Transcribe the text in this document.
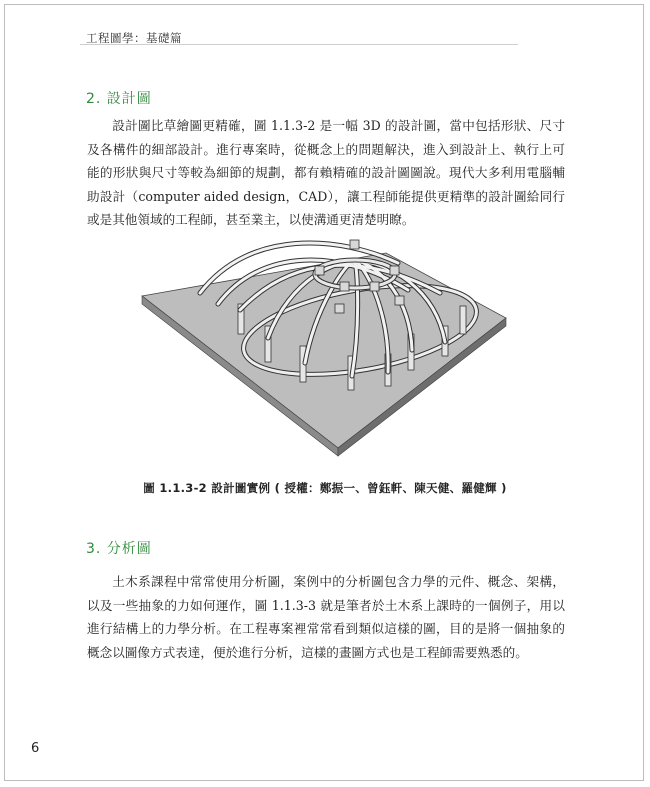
工程圖學：基礎篇
2. 設計圖

設計圖比草繪圖更精確，圖 1.1.3-2 是一幅 3D 的設計圖，當中包括形狀、尺寸及各構件的細部設計。進行專案時，從概念上的問題解決，進入到設計上、執行上可能的形狀與尺寸等較為細節的規劃，都有賴精確的設計圖圖說。現代大多利用電腦輔助設計（computer aided design，CAD），讓工程師能提供更精準的設計圖給同行或是其他領域的工程師，甚至業主，以使溝通更清楚明瞭。

圖 1.1.3-2 設計圖實例 ( 授權：鄭振一、曾鈺軒、陳天健、羅健輝 )
3. 分析圖

土木系課程中常常使用分析圖，案例中的分析圖包含力學的元件、概念、架構，以及一些抽象的力如何運作，圖 1.1.3-3 就是筆者於土木系上課時的一個例子，用以進行結構上的力學分析。在工程專案裡常常看到類似這樣的圖，目的是將一個抽象的概念以圖像方式表達，便於進行分析，這樣的畫圖方式也是工程師需要熟悉的。

6
